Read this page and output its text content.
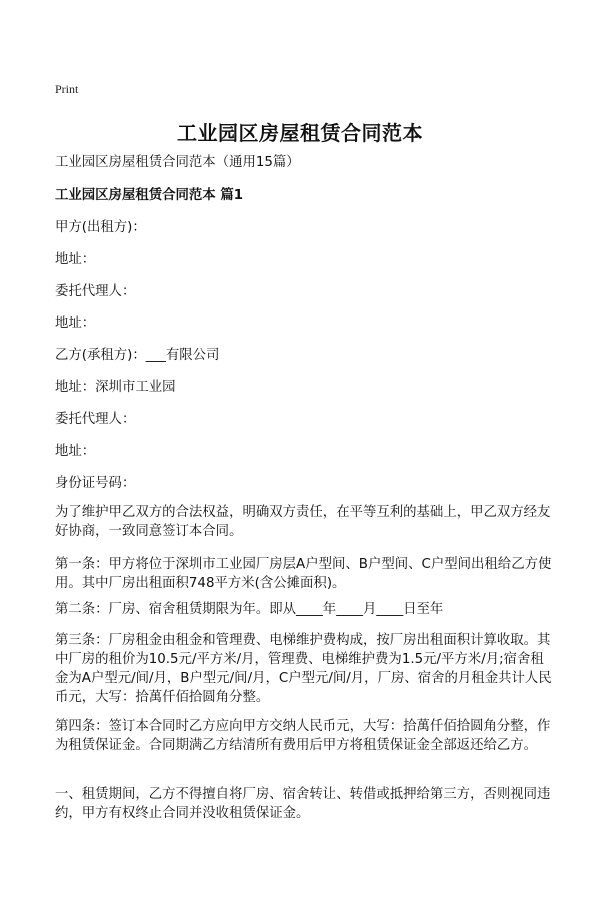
Print
工业园区房屋租赁合同范本

工业园区房屋租赁合同范本（通用15篇）

工业园区房屋租赁合同范本 篇1

甲方(出租方)：

地址：

委托代理人：

地址：

乙方(承租方)：___有限公司

地址：深圳市工业园

委托代理人：

地址：

身份证号码：

为了维护甲乙双方的合法权益，明确双方责任，在平等互利的基础上，甲乙双方经友好协商，一致同意签订本合同。

第一条：甲方将位于深圳市工业园厂房层A户型间、B户型间、C户型间出租给乙方使用。其中厂房出租面积748平方米(含公摊面积)。

第二条：厂房、宿舍租赁期限为年。即从____年____月____日至年

第三条：厂房租金由租金和管理费、电梯维护费构成，按厂房出租面积计算收取。其中厂房的租价为10.5元/平方米/月，管理费、电梯维护费为1.5元/平方米/月;宿舍租金为A户型元/间/月，B户型元/间/月，C户型元/间/月，厂房、宿舍的月租金共计人民币元，大写：拾萬仟佰拾圆角分整。

第四条：签订本合同时乙方应向甲方交纳人民币元，大写：拾萬仟佰拾圆角分整，作为租赁保证金。合同期满乙方结清所有费用后甲方将租赁保证金全部返还给乙方。

一、租赁期间，乙方不得擅自将厂房、宿舍转让、转借或抵押给第三方，否则视同违约，甲方有权终止合同并没收租赁保证金。
